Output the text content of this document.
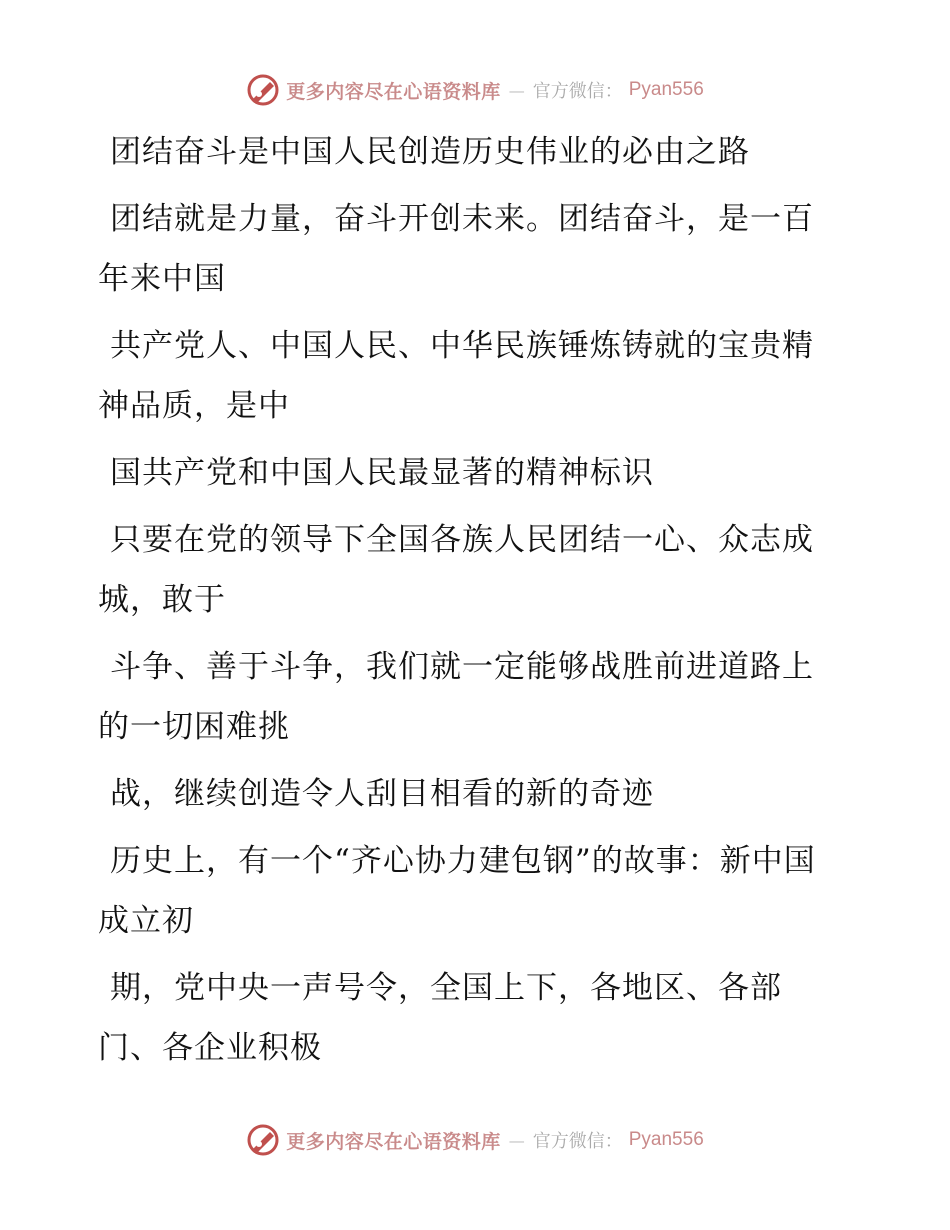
更多内容尽在心语资料库 — 官方微信： Pyan556

团结奋斗是中国人民创造历史伟业的必由之路

团结就是力量，奋斗开创未来。团结奋斗，是一百年来中国

共产党人、中国人民、中华民族锤炼铸就的宝贵精神品质，是中

国共产党和中国人民最显著的精神标识

只要在党的领导下全国各族人民团结一心、众志成城，敢于

斗争、善于斗争，我们就一定能够战胜前进道路上的一切困难挑

战，继续创造令人刮目相看的新的奇迹

历史上，有一个“齐心协力建包钢”的故事：新中国成立初

期，党中央一声号令，全国上下，各地区、各部门、各企业积极

更多内容尽在心语资料库 — 官方微信： Pyan556
